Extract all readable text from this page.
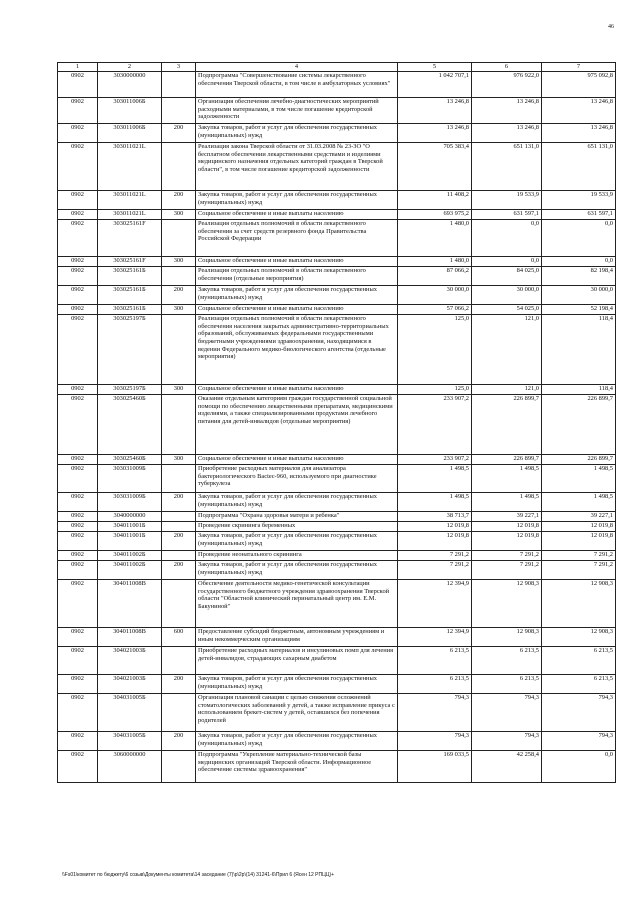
46
1	2	3	4	5	6	7
0902	3030000000		Подпрограмма "Совершенствование системы лекарственного обеспечения Тверской области, в том числе в амбулаторных условиях"	1 042 707,1	976 922,0	975 092,8
0902	303011006Б		Организация обеспечения лечебно-диагностических мероприятий расходными материалами, в том числе погашение кредиторской задолженности	13 246,8	13 246,8	13 246,8
0902	303011006Б	200	Закупка товаров, работ и услуг для обеспечения государственных (муниципальных) нужд	13 246,8	13 246,8	13 246,8
0902	303011021L		Реализация закона Тверской области от 31.03.2008 № 23-ЗО "О бесплатном обеспечении лекарственными средствами и изделиями медицинского назначения отдельных категорий граждан в Тверской области", в том числе погашение кредиторской задолженности	705 383,4	651 131,0	651 131,0
0902	303011021L	200	Закупка товаров, работ и услуг для обеспечения государственных (муниципальных) нужд	11 408,2	19 533,9	19 533,9
0902	303011021L	300	Социальное обеспечение и иные выплаты населению	693 975,2	631 597,1	631 597,1
0902	303025161F		Реализация отдельных полномочий в области лекарственного обеспечения за счет средств резервного фонда Правительства Российской Федерации	1 480,0	0,0	0,0
0902	303025161F	300	Социальное обеспечение и иные выплаты населению	1 480,0	0,0	0,0
0902	303025161Б		Реализация отдельных полномочий в области лекарственного обеспечения (отдельные мероприятия)	87 066,2	84 025,0	82 198,4
0902	303025161Б	200	Закупка товаров, работ и услуг для обеспечения государственных (муниципальных) нужд	30 000,0	30 000,0	30 000,0
0902	303025161Б	300	Социальное обеспечение и иные выплаты населению	57 066,2	54 025,0	52 198,4
0902	303025197Б		Реализация отдельных полномочий в области лекарственного обеспечения населения закрытых административно-территориальных образований, обслуживаемых федеральными государственными бюджетными учреждениями здравоохранения, находящимися в ведении Федерального медико-биологического агентства (отдельные мероприятия)	125,0	121,0	118,4
0902	303025197Б	300	Социальное обеспечение и иные выплаты населению	125,0	121,0	118,4
0902	303025460Б		Оказание отдельным категориям граждан государственной социальной помощи по обеспечению лекарственными препаратами, медицинскими изделиями, а также специализированными продуктами лечебного питания для детей-инвалидов (отдельные мероприятия)	233 907,2	226 899,7	226 899,7
0902	303025460Б	300	Социальное обеспечение и иные выплаты населению	233 907,2	226 899,7	226 899,7
0902	303031009Б		Приобретение расходных материалов для анализатора бактериологического Bactec-960, используемого при диагностике туберкулеза	1 498,5	1 498,5	1 498,5
0902	303031009Б	200	Закупка товаров, работ и услуг для обеспечения государственных (муниципальных) нужд	1 498,5	1 498,5	1 498,5
0902	3040000000		Подпрограмма "Охрана здоровья матери и ребенка"	38 713,7	39 227,1	39 227,1
0902	304011001Б		Проведение скрининга беременных	12 019,8	12 019,8	12 019,8
0902	304011001Б	200	Закупка товаров, работ и услуг для обеспечения государственных (муниципальных) нужд	12 019,8	12 019,8	12 019,8
0902	304011002Б		Проведение неонатального скрининга	7 291,2	7 291,2	7 291,2
0902	304011002Б	200	Закупка товаров, работ и услуг для обеспечения государственных (муниципальных) нужд	7 291,2	7 291,2	7 291,2
0902	304011008В		Обеспечение деятельности медико-генетической консультации государственного бюджетного учреждения здравоохранения Тверской области "Областной клинический перинатальный центр им. Е.М. Бакуниной"	12 394,9	12 908,3	12 908,3
0902	304011008В	600	Предоставление субсидий бюджетным, автономным учреждениям и иным некоммерческим организациям	12 394,9	12 908,3	12 908,3
0902	304021003Б		Приобретение расходных материалов и инсулиновых помп для лечения детей-инвалидов, страдающих сахарным диабетом	6 213,5	6 213,5	6 213,5
0902	304021003Б	200	Закупка товаров, работ и услуг для обеспечения государственных (муниципальных) нужд	6 213,5	6 213,5	6 213,5
0902	304031005Б		Организация плановой санации с целью снижения осложнений стоматологических заболеваний у детей, а также исправление прикуса с использованием брекет-систем у детей, оставшихся без попечения родителей	794,3	794,3	794,3
0902	304031005Б	200	Закупка товаров, работ и услуг для обеспечения государственных (муниципальных) нужд	794,3	794,3	794,3
0902	3060000000		Подпрограмма "Укрепление материально-технической базы медицинских организаций Тверской области. Информационное обеспечение системы здравоохранения"	169 033,5	42 258,4	0,0
\\Fs01\комитет по бюджету\6 созыв\Документы комитета\14 заседание (7)\р\2р\(14) 31241-6\Прил 6 (Ясен 12 РПЦЦ)+
